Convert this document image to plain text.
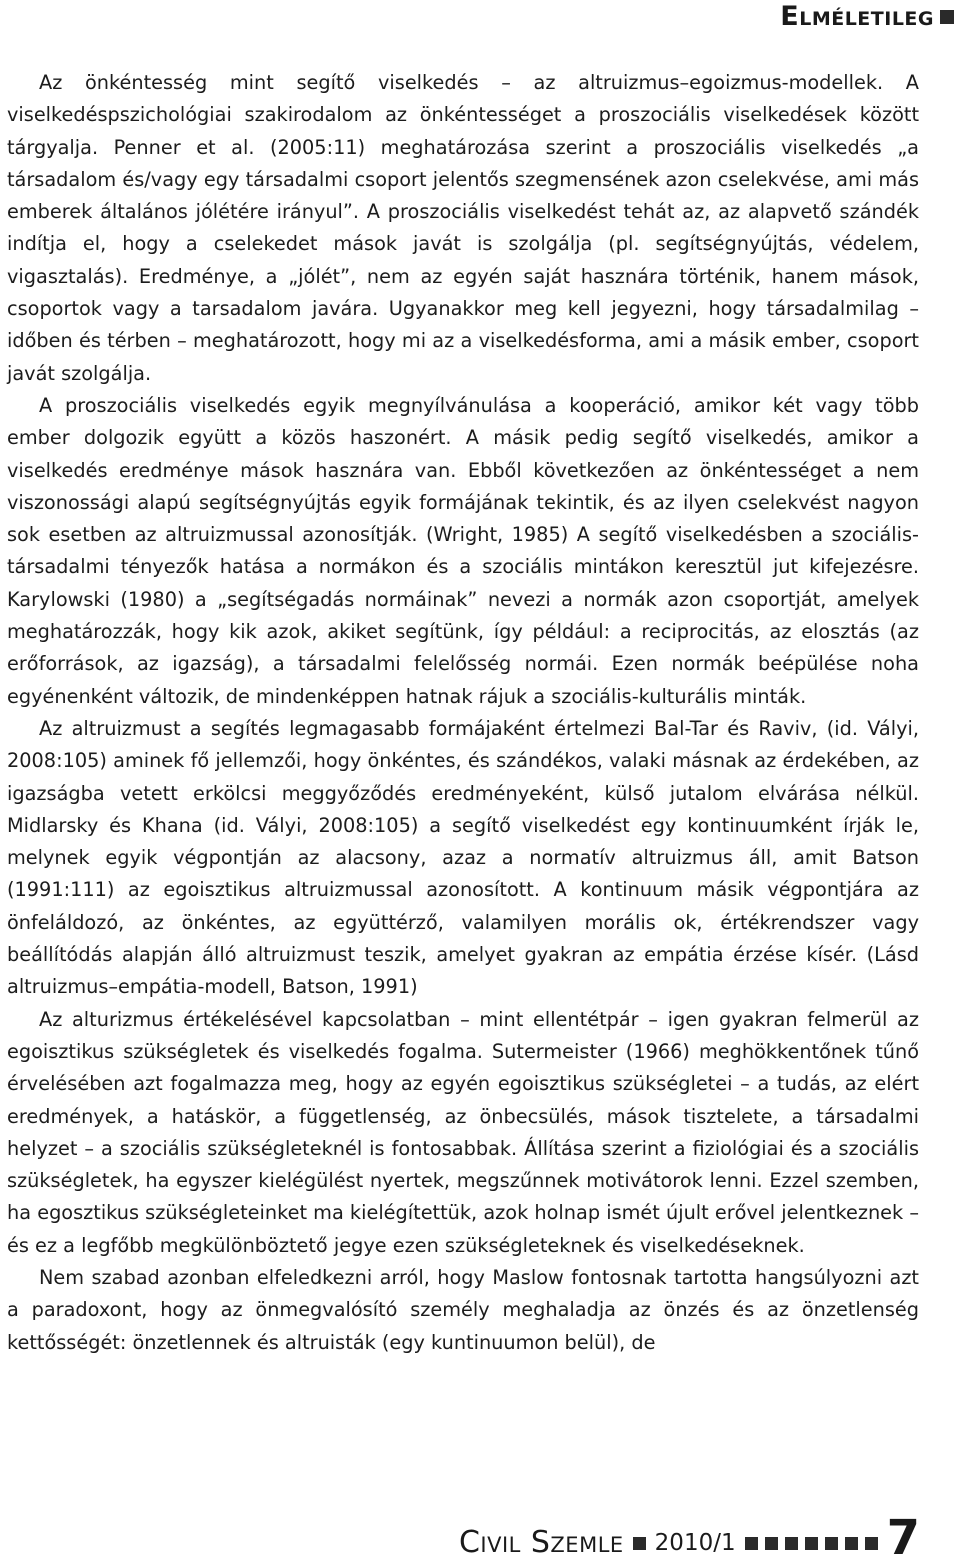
Elméletileg

Az önkéntesség mint segítő viselkedés – az altruizmus–egoizmus-modellek. A viselkedéspszichológiai szakirodalom az önkéntességet a proszociális viselkedések között tárgyalja. Penner et al. (2005:11) meghatározása szerint a proszociális viselkedés „a társadalom és/vagy egy társadalmi csoport jelentős szegmensének azon cselekvése, ami más emberek általános jólétére irányul”. A proszociális viselkedést tehát az, az alapvető szándék indítja el, hogy a cselekedet mások javát is szolgálja (pl. segítségnyújtás, védelem, vigasztalás). Eredménye, a „jólét”, nem az egyén saját hasznára történik, hanem mások, csoportok vagy a tarsadalom javára. Ugyanakkor meg kell jegyezni, hogy társadalmilag – időben és térben – meghatározott, hogy mi az a viselkedésforma, ami a másik ember, csoport javát szolgálja.

A proszociális viselkedés egyik megnyílvánulása a kooperáció, amikor két vagy több ember dolgozik együtt a közös haszonért. A másik pedig segítő viselkedés, amikor a viselkedés eredménye mások hasznára van. Ebből következően az önkéntességet a nem viszonossági alapú segítségnyújtás egyik formájának tekintik, és az ilyen cselekvést nagyon sok esetben az altruizmussal azonosítják. (Wright, 1985) A segítő viselkedésben a szociális-társadalmi tényezők hatása a normákon és a szociális mintákon keresztül jut kifejezésre. Karylowski (1980) a „segítségadás normáinak” nevezi a normák azon csoportját, amelyek meghatározzák, hogy kik azok, akiket segítünk, így például: a reciprocitás, az elosztás (az erőforrások, az igazság), a társadalmi felelősség normái. Ezen normák beépülése noha egyénenként változik, de mindenképpen hatnak rájuk a szociális-kulturális minták.

Az altruizmust a segítés legmagasabb formájaként értelmezi Bal-Tar és Raviv, (id. Vályi, 2008:105) aminek fő jellemzői, hogy önkéntes, és szándékos, valaki másnak az érdekében, az igazságba vetett erkölcsi meggyőződés eredményeként, külső jutalom elvárása nélkül. Midlarsky és Khana (id. Vályi, 2008:105) a segítő viselkedést egy kontinuumként írják le, melynek egyik végpontján az alacsony, azaz a normatív altruizmus áll, amit Batson (1991:111) az egoisztikus altruizmussal azonosított. A kontinuum másik végpontjára az önfeláldozó, az önkéntes, az együttérző, valamilyen morális ok, értékrendszer vagy beállítódás alapján álló altruizmust teszik, amelyet gyakran az empátia érzése kísér. (Lásd altruizmus–empátia-modell, Batson, 1991)

Az alturizmus értékelésével kapcsolatban – mint ellentétpár – igen gyakran felmerül az egoisztikus szükségletek és viselkedés fogalma. Sutermeister (1966) meghökkentőnek tűnő érvelésében azt fogalmazza meg, hogy az egyén egoisztikus szükségletei – a tudás, az elért eredmények, a hatáskör, a függetlenség, az önbecsülés, mások tisztelete, a társadalmi helyzet – a szociális szükségleteknél is fontosabbak. Állítása szerint a fiziológiai és a szociális szükségletek, ha egyszer kielégülést nyertek, megszűnnek motivátorok lenni. Ezzel szemben, ha egosztikus szükségleteinket ma kielégítettük, azok holnap ismét újult erővel jelentkeznek – és ez a legfőbb megkülönböztető jegye ezen szükségleteknek és viselkedéseknek.

Nem szabad azonban elfeledkezni arról, hogy Maslow fontosnak tartotta hangsúlyozni azt a paradoxont, hogy az önmegvalósító személy meghaladja az önzés és az önzetlenség kettősségét: önzetlennek és altruisták (egy kuntinuumon belül), de

Civil Szemle 2010/1	7
